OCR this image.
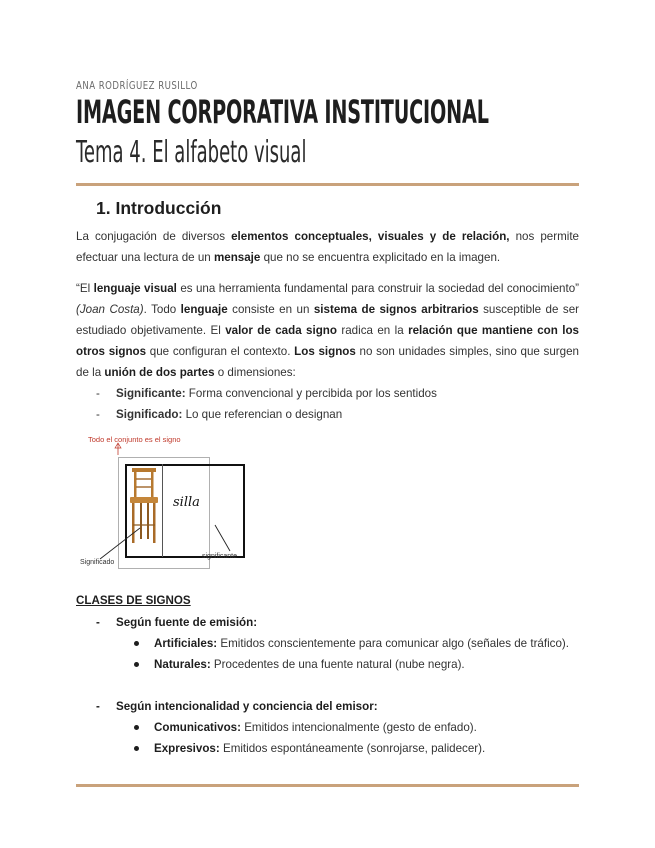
ANA RODRÍGUEZ RUSILLO
IMAGEN CORPORATIVA INSTITUCIONAL
Tema 4. El alfabeto visual
1. Introducción
La conjugación de diversos elementos conceptuales, visuales y de relación, nos permite efectuar una lectura de un mensaje que no se encuentra explicitado en la imagen.
“El lenguaje visual es una herramienta fundamental para construir la sociedad del conocimiento” (Joan Costa). Todo lenguaje consiste en un sistema de signos arbitrarios susceptible de ser estudiado objetivamente. El valor de cada signo radica en la relación que mantiene con los otros signos que configuran el contexto. Los signos no son unidades simples, sino que surgen de la unión de dos partes o dimensiones:
- Significante: Forma convencional y percibida por los sentidos
- Significado: Lo que referencian o designan
Todo el conjunto es el signo
silla
Significado
significante
CLASES DE SIGNOS
- Según fuente de emisión:
Artificiales: Emitidos conscientemente para comunicar algo (señales de tráfico).
Naturales: Procedentes de una fuente natural (nube negra).
- Según intencionalidad y conciencia del emisor:
Comunicativos: Emitidos intencionalmente (gesto de enfado).
Expresivos: Emitidos espontáneamente (sonrojarse, palidecer).
